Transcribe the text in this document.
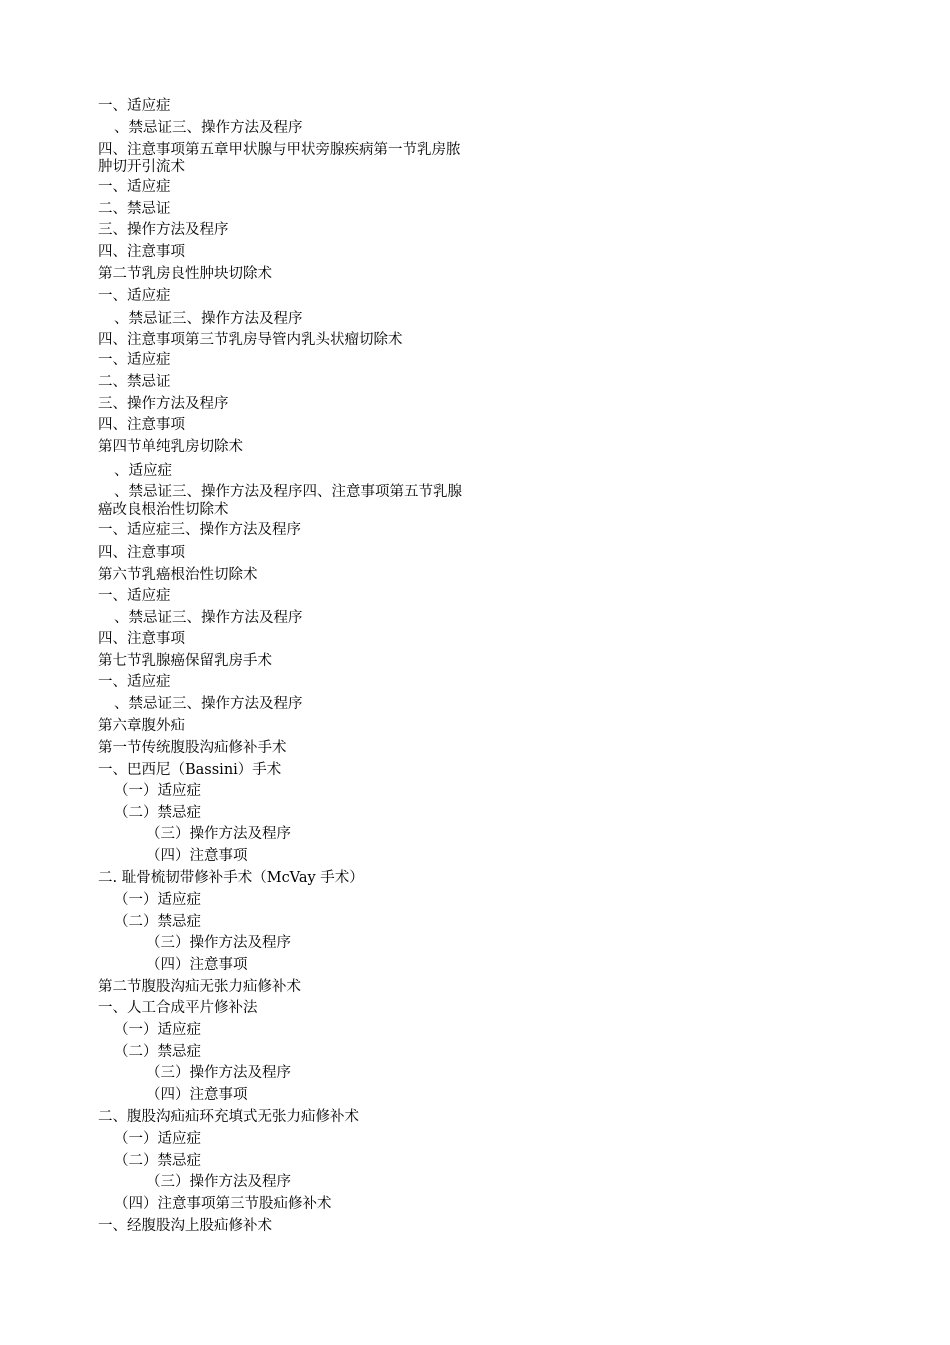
一、适应症
、禁忌证三、操作方法及程序
四、注意事项第五章甲状腺与甲状旁腺疾病第一节乳房脓
肿切开引流术
一、适应症
二、禁忌证
三、操作方法及程序
四、注意事项
第二节乳房良性肿块切除术
一、适应症
、禁忌证三、操作方法及程序
四、注意事项第三节乳房导管内乳头状瘤切除术
一、适应症
二、禁忌证
三、操作方法及程序
四、注意事项
第四节单纯乳房切除术
、适应症
、禁忌证三、操作方法及程序四、注意事项第五节乳腺
癌改良根治性切除术
一、适应症三、操作方法及程序
四、注意事项
第六节乳癌根治性切除术
一、适应症
、禁忌证三、操作方法及程序
四、注意事项
第七节乳腺癌保留乳房手术
一、适应症
、禁忌证三、操作方法及程序
第六章腹外疝
第一节传统腹股沟疝修补手术
一、巴西尼（Bassini）手术
（一）适应症
（二）禁忌症
（三）操作方法及程序
（四）注意事项
二. 耻骨梳韧带修补手术（McVay 手术）
（一）适应症
（二）禁忌症
（三）操作方法及程序
（四）注意事项
第二节腹股沟疝无张力疝修补术
一、人工合成平片修补法
（一）适应症
（二）禁忌症
（三）操作方法及程序
（四）注意事项
二、腹股沟疝疝环充填式无张力疝修补术
（一）适应症
（二）禁忌症
（三）操作方法及程序
（四）注意事项第三节股疝修补术
一、经腹股沟上股疝修补术
